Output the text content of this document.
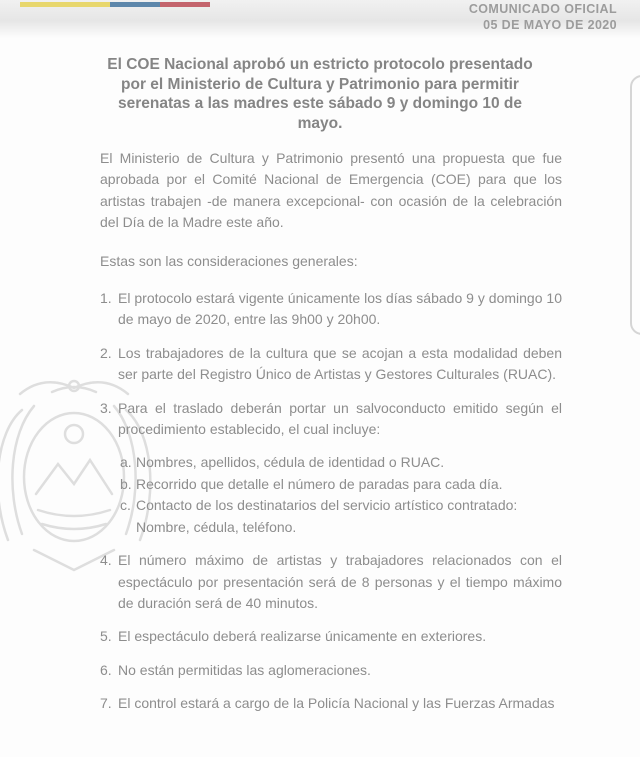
COMUNICADO OFICIAL
05 DE MAYO DE 2020
El COE Nacional aprobó un estricto protocolo presentado por el Ministerio de Cultura y Patrimonio para permitir serenatas a las madres este sábado 9 y domingo 10 de mayo.

El Ministerio de Cultura y Patrimonio presentó una propuesta que fue aprobada por el Comité Nacional de Emergencia (COE) para que los artistas trabajen -de manera excepcional- con ocasión de la celebración del Día de la Madre este año.

Estas son las consideraciones generales:
1. El protocolo estará vigente únicamente los días sábado 9 y domingo 10 de mayo de 2020, entre las 9h00 y 20h00.
2. Los trabajadores de la cultura que se acojan a esta modalidad deben ser parte del Registro Único de Artistas y Gestores Culturales (RUAC).
3. Para el traslado deberán portar un salvoconducto emitido según el procedimiento establecido, el cual incluye:
a. Nombres, apellidos, cédula de identidad o RUAC.
b. Recorrido que detalle el número de paradas para cada día.
c. Contacto de los destinatarios del servicio artístico contratado: Nombre, cédula, teléfono.
4. El número máximo de artistas y trabajadores relacionados con el espectáculo por presentación será de 8 personas y el tiempo máximo de duración será de 40 minutos.
5. El espectáculo deberá realizarse únicamente en exteriores.
6. No están permitidas las aglomeraciones.
7. El control estará a cargo de la Policía Nacional y las Fuerzas Armadas
